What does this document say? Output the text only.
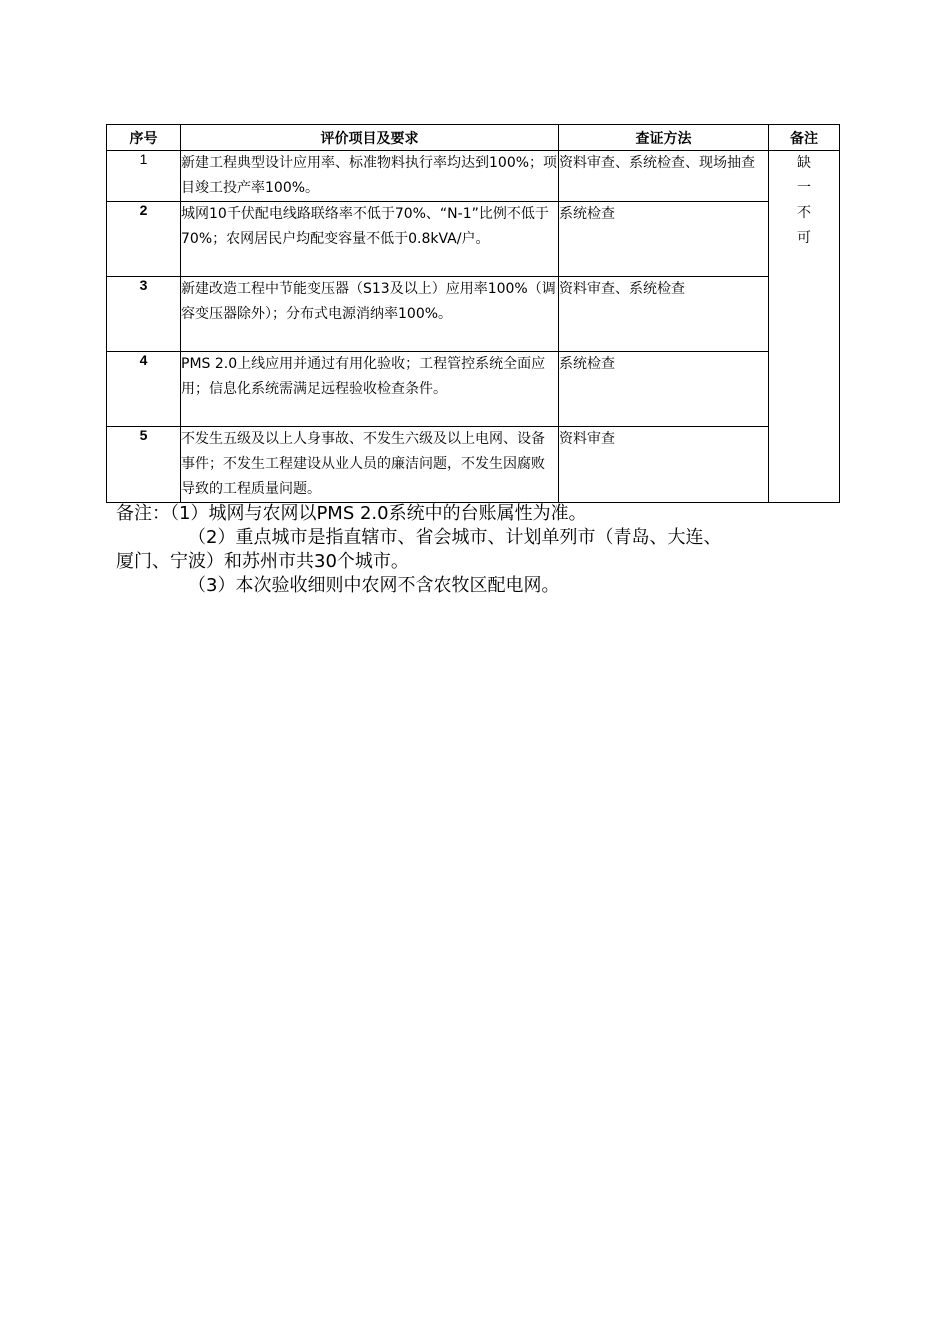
序号	评价项目及要求	查证方法	备注
1	新建工程典型设计应用率、标准物料执行率均达到100%；项目竣工投产率100%。	资料审查、系统检查、现场抽查	缺
一
不
可

2	城网10千伏配电线路联络率不低于70%、“N-1”比例不低于70%；农网居民户均配变容量不低于0.8kVA/户。	系统检查	
3	新建改造工程中节能变压器（S13及以上）应用率100%（调容变压器除外）；分布式电源消纳率100%。	资料审查、系统检查	
4	PMS 2.0上线应用并通过有用化验收；工程管控系统全面应用；信息化系统需满足远程验收检查条件。	系统检查	
5	不发生五级及以上人身事故、不发生六级及以上电网、设备事件；不发生工程建设从业人员的廉洁问题，不发生因腐败导致的工程质量问题。	资料审查	
备注：（1）城网与农网以PMS 2.0系统中的台账属性为准。
（2）重点城市是指直辖市、省会城市、计划单列市（青岛、大连、
厦门、宁波）和苏州市共30个城市。
（3）本次验收细则中农网不含农牧区配电网。
